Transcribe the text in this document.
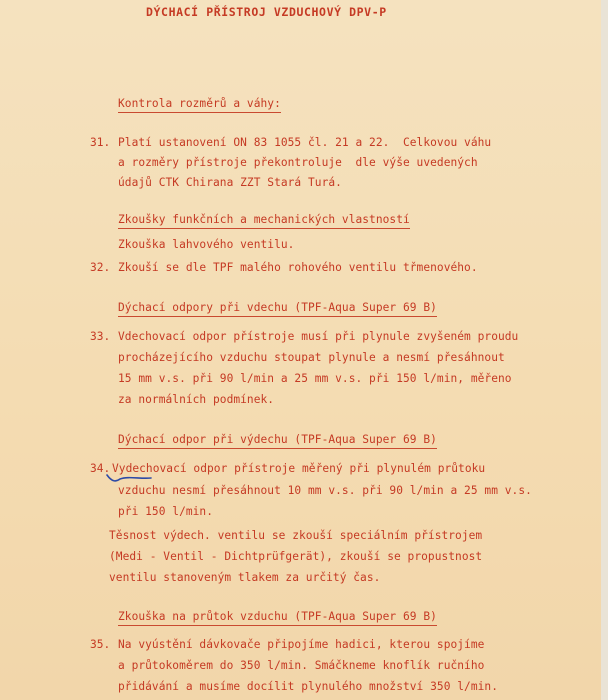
DÝCHACÍ PŘÍSTROJ VZDUCHOVÝ DPV-P
Kontrola rozměrů a váhy:
31. Platí ustanovení ON 83 1055 čl. 21 a 22.  Celkovou váhu
a rozměry přístroje překontroluje  dle výše uvedených
údajů CTK Chirana ZZT Stará Turá.
Zkoušky funkčních a mechanických vlastností
Zkouška lahvového ventilu.
32. Zkouší se dle TPF malého rohového ventilu třmenového.
Dýchací odpory při vdechu (TPF-Aqua Super 69 B)
33. Vdechovací odpor přístroje musí při plynule zvyšeném proudu
procházejícího vzduchu stoupat plynule a nesmí přesáhnout
15 mm v.s. při 90 l/min a 25 mm v.s. při 150 l/min, měřeno
za normálních podmínek.
Dýchací odpor při výdechu (TPF-Aqua Super 69 B)
34. Vydechovací odpor přístroje měřený při plynulém průtoku
vzduchu nesmí přesáhnout 10 mm v.s. při 90 l/min a 25 mm v.s.
při 150 l/min.
Těsnost výdech. ventilu se zkouší speciálním přístrojem
(Medi - Ventil - Dichtprüfgerät), zkouší se propustnost
ventilu stanoveným tlakem za určitý čas.
Zkouška na průtok vzduchu (TPF-Aqua Super 69 B)
35. Na vyústění dávkovače připojíme hadici, kterou spojíme
a průtokoměrem do 350 l/min. Smáčkneme knoflík ručního
přidávání a musíme docílit plynulého množství 350 l/min.
